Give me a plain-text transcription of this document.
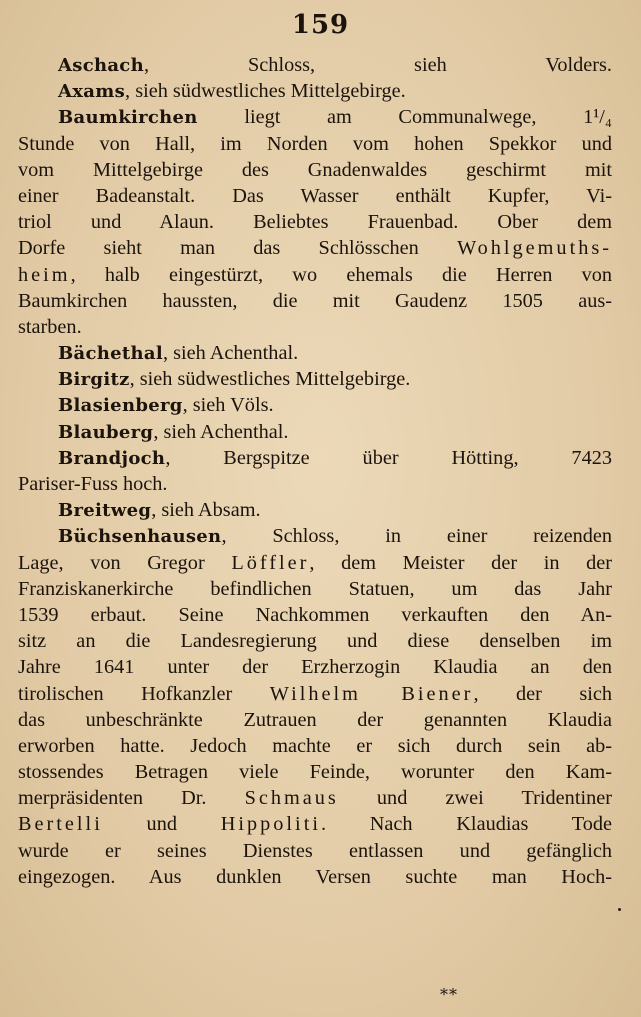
159
Aschach, Schloss, sieh Volders.
Axams, sieh südwestliches Mittelgebirge.
Baumkirchen liegt am Communalwege, 1¹/₄
Stunde von Hall, im Norden vom hohen Spekkor und
vom Mittelgebirge des Gnadenwaldes geschirmt mit
einer Badeanstalt. Das Wasser enthält Kupfer, Vi-
triol und Alaun. Beliebtes Frauenbad. Ober dem
Dorfe sieht man das Schlösschen Wohlgemuths-
heim, halb eingestürzt, wo ehemals die Herren von
Baumkirchen haussten, die mit Gaudenz 1505 aus-
starben.
Bächethal, sieh Achenthal.
Birgitz, sieh südwestliches Mittelgebirge.
Blasienberg, sieh Völs.
Blauberg, sieh Achenthal.
Brandjoch, Bergspitze über Hötting, 7423
Pariser-Fuss hoch.
Breitweg, sieh Absam.
Büchsenhausen, Schloss, in einer reizenden
Lage, von Gregor Löffler, dem Meister der in der
Franziskanerkirche befindlichen Statuen, um das Jahr
1539 erbaut. Seine Nachkommen verkauften den An-
sitz an die Landesregierung und diese denselben im
Jahre 1641 unter der Erzherzogin Klaudia an den
tirolischen Hofkanzler Wilhelm Biener, der sich
das unbeschränkte Zutrauen der genannten Klaudia
erworben hatte. Jedoch machte er sich durch sein ab-
stossendes Betragen viele Feinde, worunter den Kam-
merpräsidenten Dr. Schmaus und zwei Tridentiner
Bertelli und Hippoliti. Nach Klaudias Tode
wurde er seines Dienstes entlassen und gefänglich
eingezogen. Aus dunklen Versen suchte man Hoch-
**
